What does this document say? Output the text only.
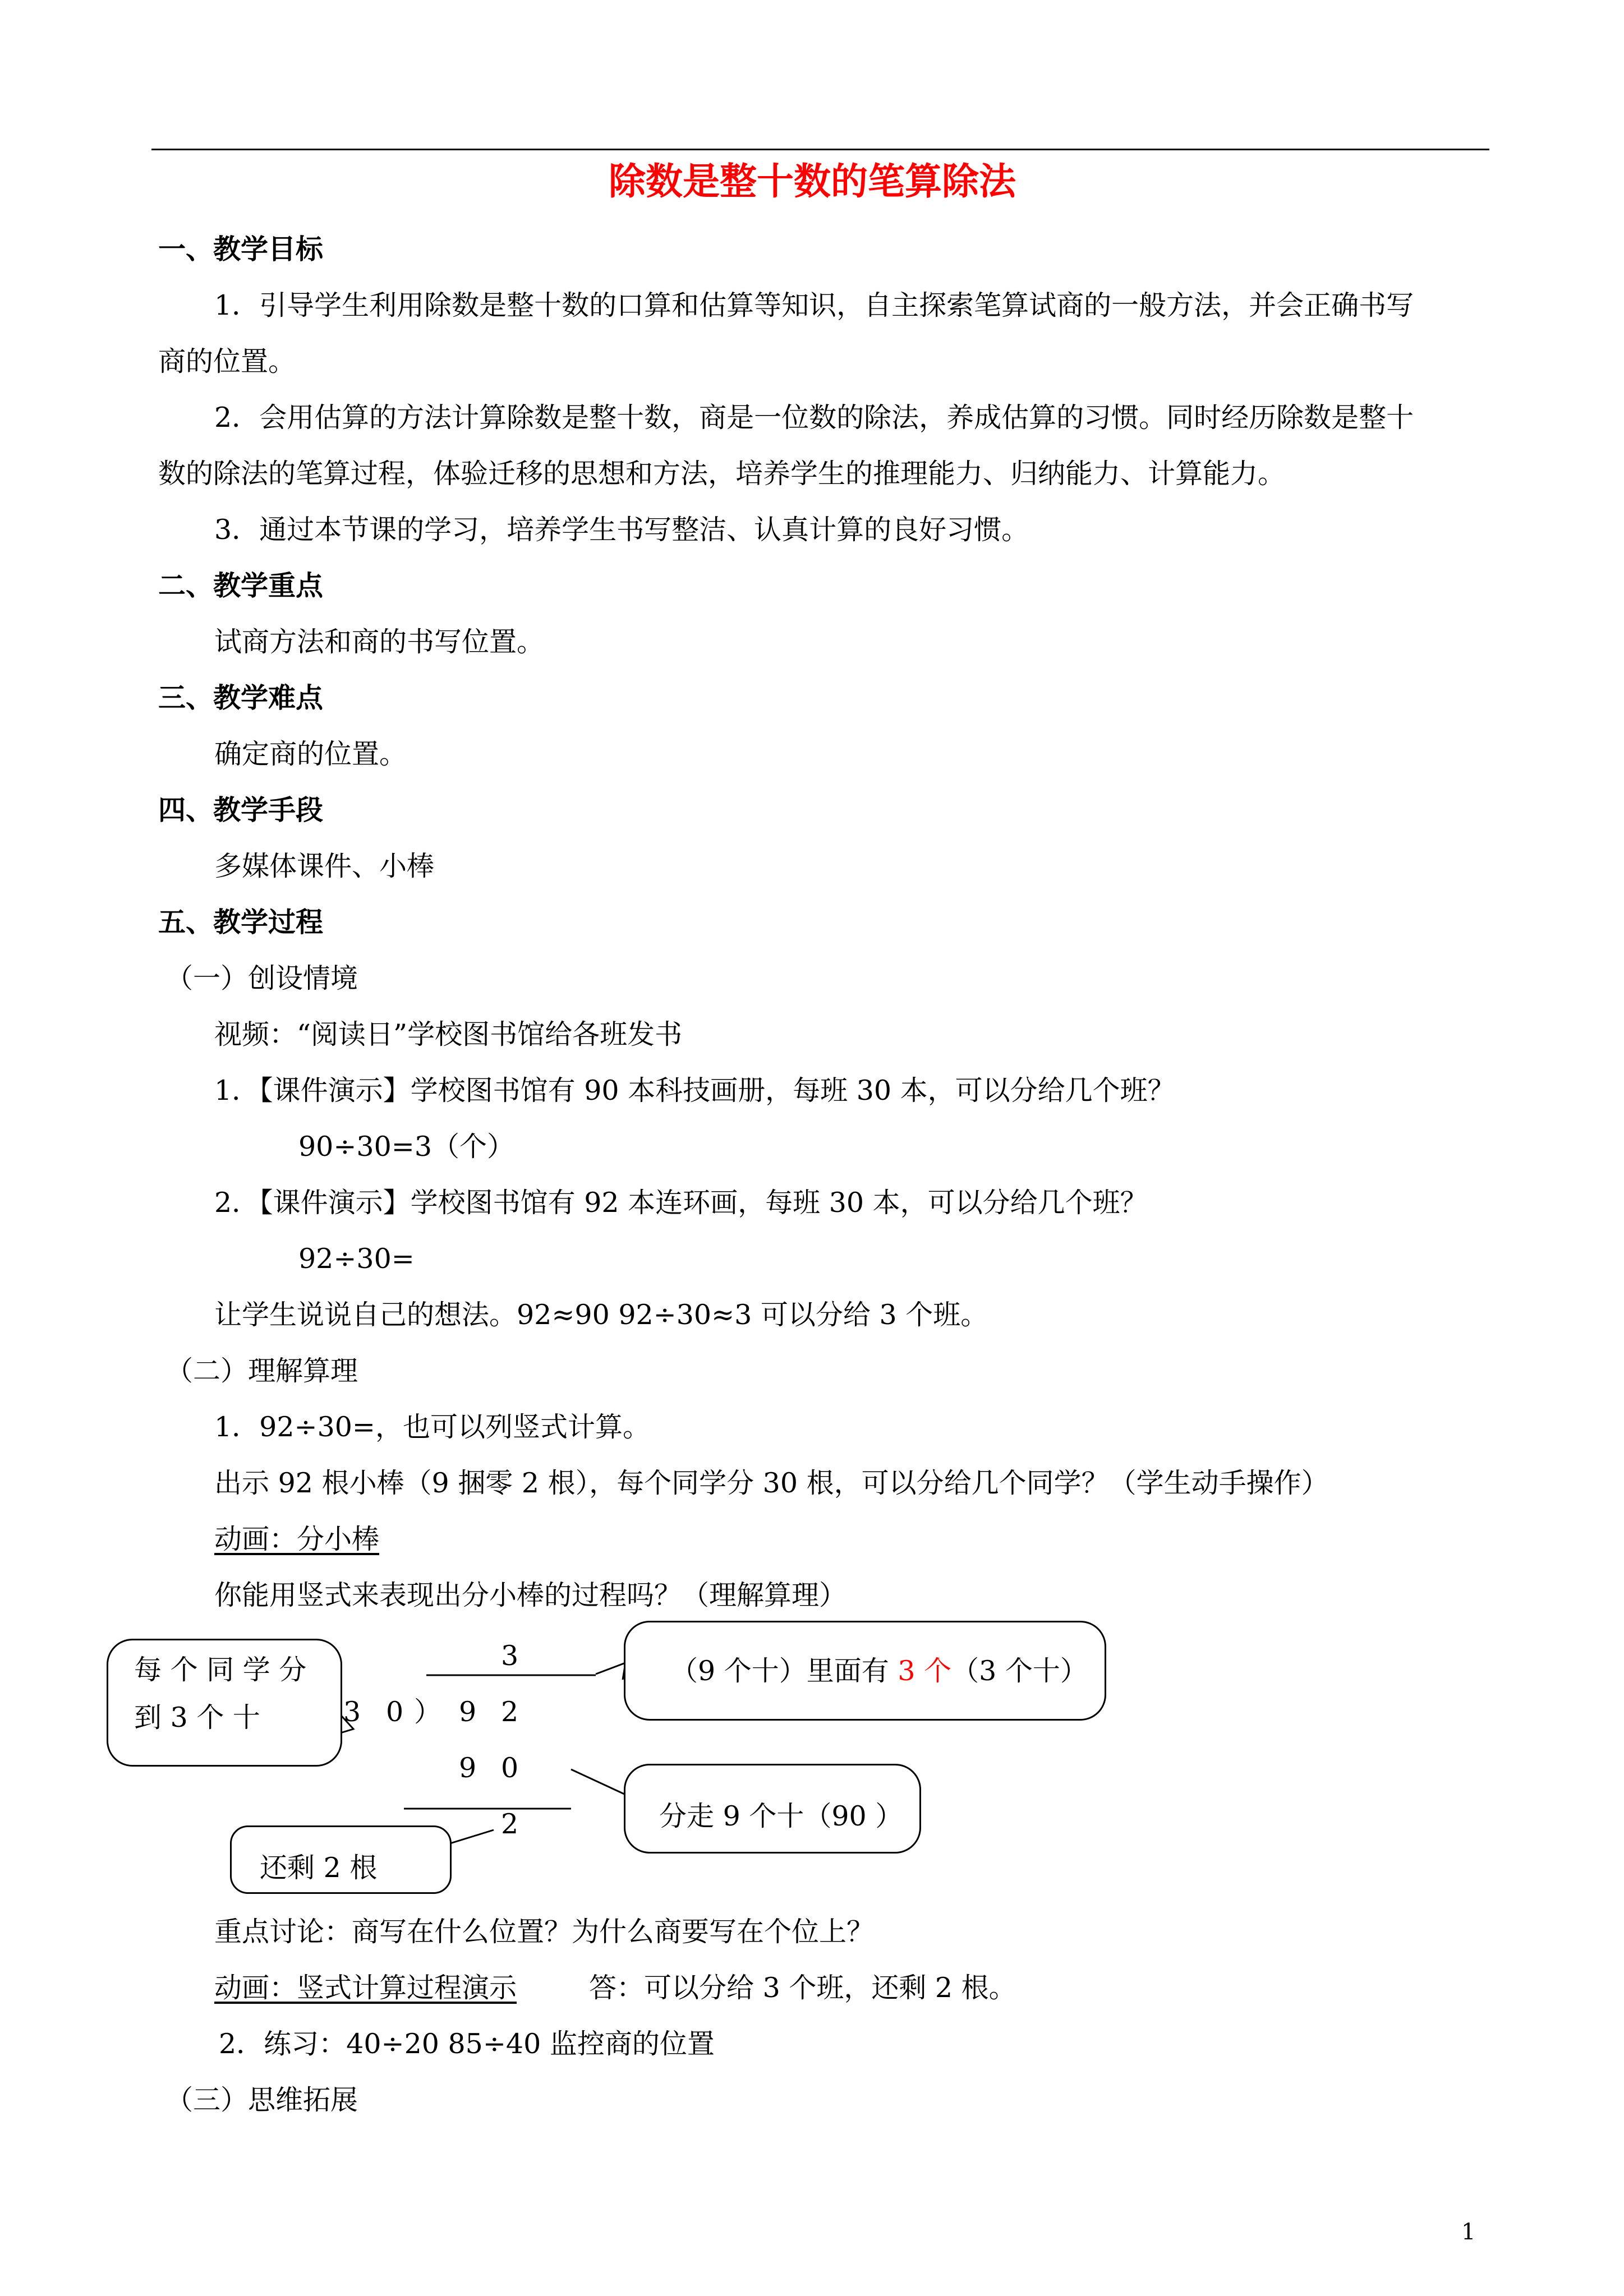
除数是整十数的笔算除法
一、教学目标
1．引导学生利用除数是整十数的口算和估算等知识，自主探索笔算试商的一般方法，并会正确书写
商的位置。
2．会用估算的方法计算除数是整十数，商是一位数的除法，养成估算的习惯。同时经历除数是整十
数的除法的笔算过程，体验迁移的思想和方法，培养学生的推理能力、归纳能力、计算能力。
3．通过本节课的学习，培养学生书写整洁、认真计算的良好习惯。
二、教学重点
试商方法和商的书写位置。
三、教学难点
确定商的位置。
四、教学手段
多媒体课件、小棒
五、教学过程
（一）创设情境
视频：“阅读日”学校图书馆给各班发书
1．【课件演示】学校图书馆有 90 本科技画册，每班 30 本，可以分给几个班？
90÷30=3（个）
2．【课件演示】学校图书馆有 92 本连环画，每班 30 本，可以分给几个班？
92÷30=
让学生说说自己的想法。92≈90 92÷30≈3 可以分给 3 个班。
（二）理解算理
1．92÷30=，也可以列竖式计算。
出示 92 根小棒（9 捆零 2 根），每个同学分 30 根，可以分给几个同学？（学生动手操作）
动画：分小棒
你能用竖式来表现出分小棒的过程吗？（理解算理）
3
3 0 ） 9 2
9 0
2
每 个 同 学 分
到 3 个 十
（9 个十）里面有 3 个（3 个十）
分走 9 个十（90 ）
还剩 2 根
重点讨论：商写在什么位置？为什么商要写在个位上？
动画：竖式计算过程演示	答：可以分给 3 个班，还剩 2 根。
2．练习：40÷20 85÷40 监控商的位置
（三）思维拓展
1
